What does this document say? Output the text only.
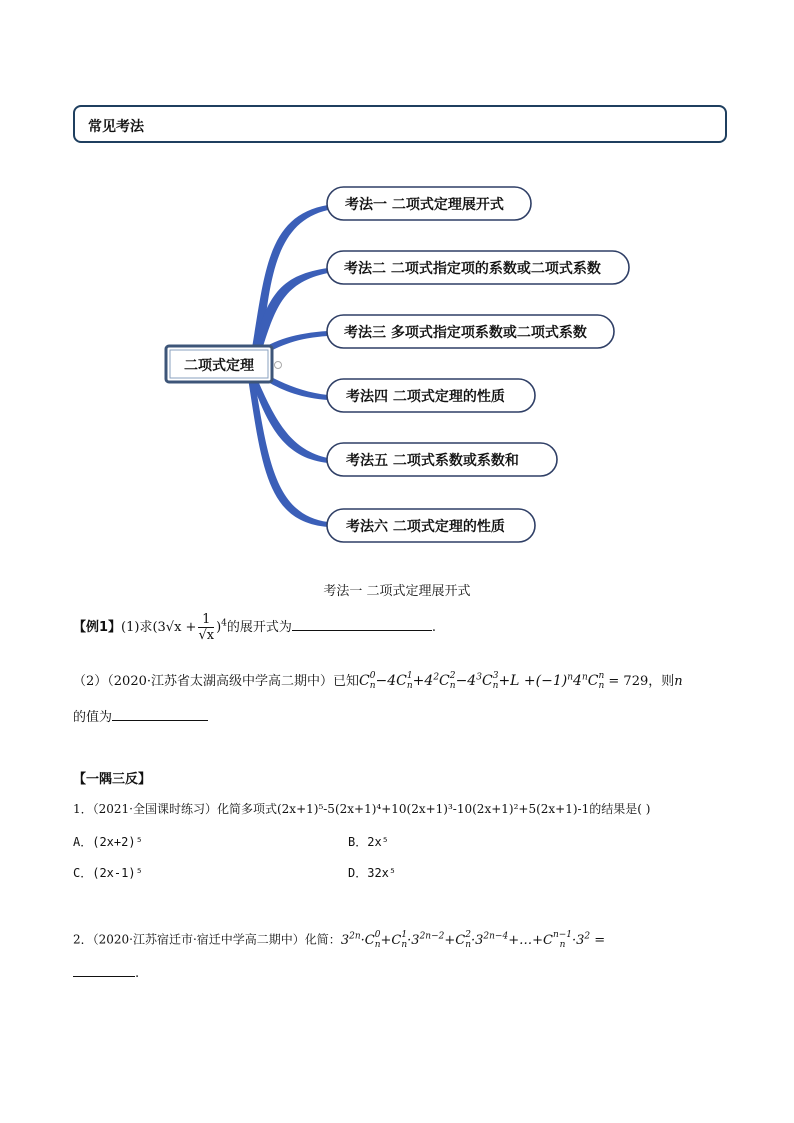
常见考法
二项式定理
考法一 二项式定理展开式
考法二 二项式指定项的系数或二项式系数
考法三 多项式指定项系数或二项式系数
考法四 二项式定理的性质
考法五 二项式系数或系数和
考法六 二项式定理的性质
考法一 二项式定理展开式
【例1】(1)求$(3√x + \frac{1}{√x} )^4$的展开式为	.
（2）（2020·江苏省太湖高级中学高二期中）已知C 0
n −4C 1
$n +4^2C$ 2
$n -4^3C$ 3
$n +L +(-1)^n4^nC$ n
n = 729，则n
的值为
【一隅三反】
1．（2021·全国课时练习）化简多项式(2x+1)⁵-5(2x+1)⁴+10(2x+1)³-10(2x+1)²+5(2x+1)-1的结果是( )
A．(2x+2)⁵	B．2x⁵
C．(2x-1)⁵	D．32x⁵
2．（2020·江苏宿迁市·宿迁中学高二期中）化简：$3^{2n}\cdot C$ 0
n +C 1
$n \cdot 3^{2n-2}+C$ 2
$n \cdot 3^{2n-4}+\dots+C$ n−1
$n \cdot 3^2$ =
.
